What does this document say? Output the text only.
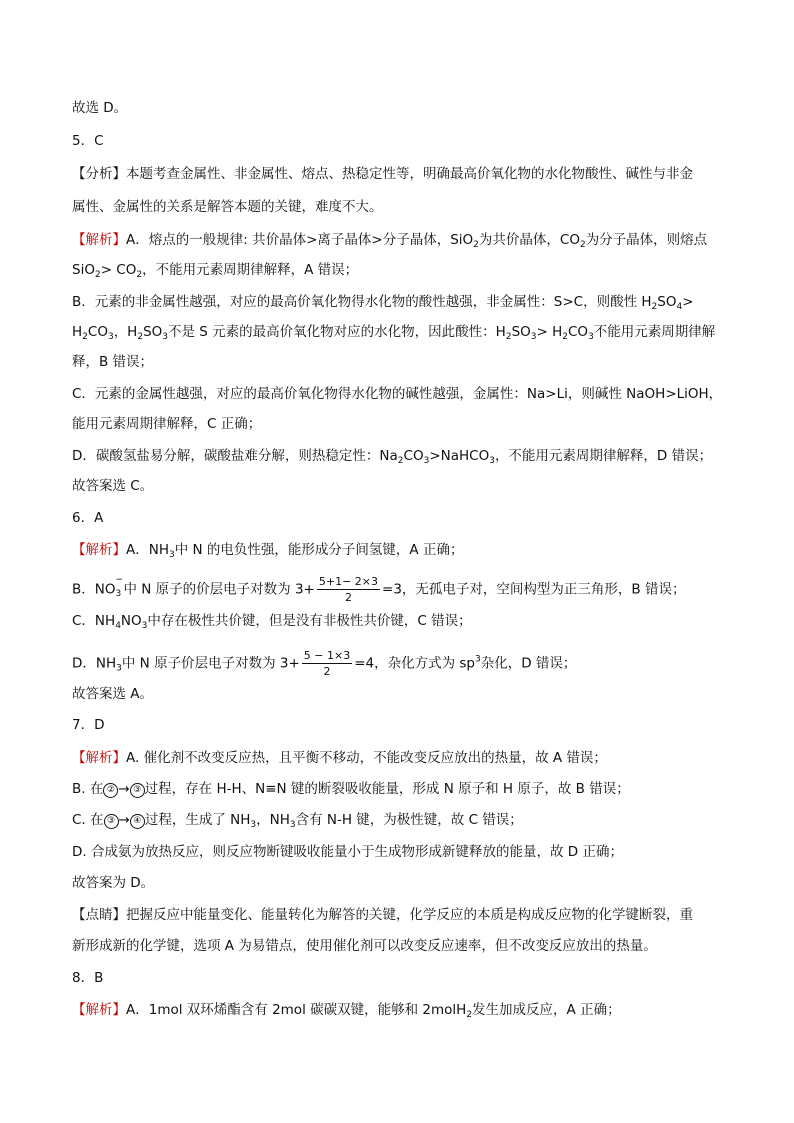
故选 D。
5．C
【分析】本题考查金属性、非金属性、熔点、热稳定性等，明确最高价氧化物的水化物酸性、碱性与非金
属性、金属性的关系是解答本题的关键，难度不大。
【解析】A．熔点的一般规律: 共价晶体>离子晶体>分子晶体，SiO$_2$为共价晶体，$CO_2$为分子晶体，则熔点
$SiO_2> CO_2$，不能用元素周期律解释，A 错误；
B．元素的非金属性越强，对应的最高价氧化物得水化物的酸性越强，非金属性：S>C，则酸性 $H_2SO_4>$
$H_2CO_3$，$H_2SO_3$不是 S 元素的最高价氧化物对应的水化物，因此酸性：$H_2SO_3> H_2CO_3$不能用元素周期律解
释，B 错误；
C．元素的金属性越强，对应的最高价氧化物得水化物的碱性越强，金属性：Na>Li，则碱性 NaOH>LiOH，
能用元素周期律解释，C 正确；
D．碳酸氢盐易分解，碳酸盐难分解，则热稳定性：$Na_2CO_3>NaHCO_3$，不能用元素周期律解释，D 错误；
故答案选 C。
6．A
【解析】A．$NH_3$中 N 的电负性强，能形成分子间氢键，A 正确；
B．NO
−
3 中 N 原子的价层电子对数为 $3+ \frac{5+1- 2\times 3}{2} =3$，无孤电子对，空间构型为正三角形，B 错误；
C．$NH_4NO_3$中存在极性共价键，但是没有非极性共价键，C 错误；
D．$NH_3$中 N 原子价层电子对数为 $3+ \frac{5 - 1\times 3}{2} =4$，杂化方式为 $sp^3$杂化，D 错误；
故答案选 A。
7．D
【解析】A. 催化剂不改变反应热，且平衡不移动，不能改变反应放出的热量，故 A 错误；
B. 在 ② → ③ 过程，存在 H-H、N≡N 键的断裂吸收能量，形成 N 原子和 H 原子，故 B 错误；
C. 在 ③ → ④ 过程，生成了 $NH_3$，$NH_3$含有 N-H 键，为极性键，故 C 错误；
D. 合成氨为放热反应，则反应物断键吸收能量小于生成物形成新键释放的能量，故 D 正确；
故答案为 D。
【点睛】把握反应中能量变化、能量转化为解答的关键，化学反应的本质是构成反应物的化学键断裂，重
新形成新的化学键，选项 A 为易错点，使用催化剂可以改变反应速率，但不改变反应放出的热量。
8．B
【解析】A．1mol 双环烯酯含有 2mol 碳碳双键，能够和 2molH$_2$发生加成反应，A 正确；
